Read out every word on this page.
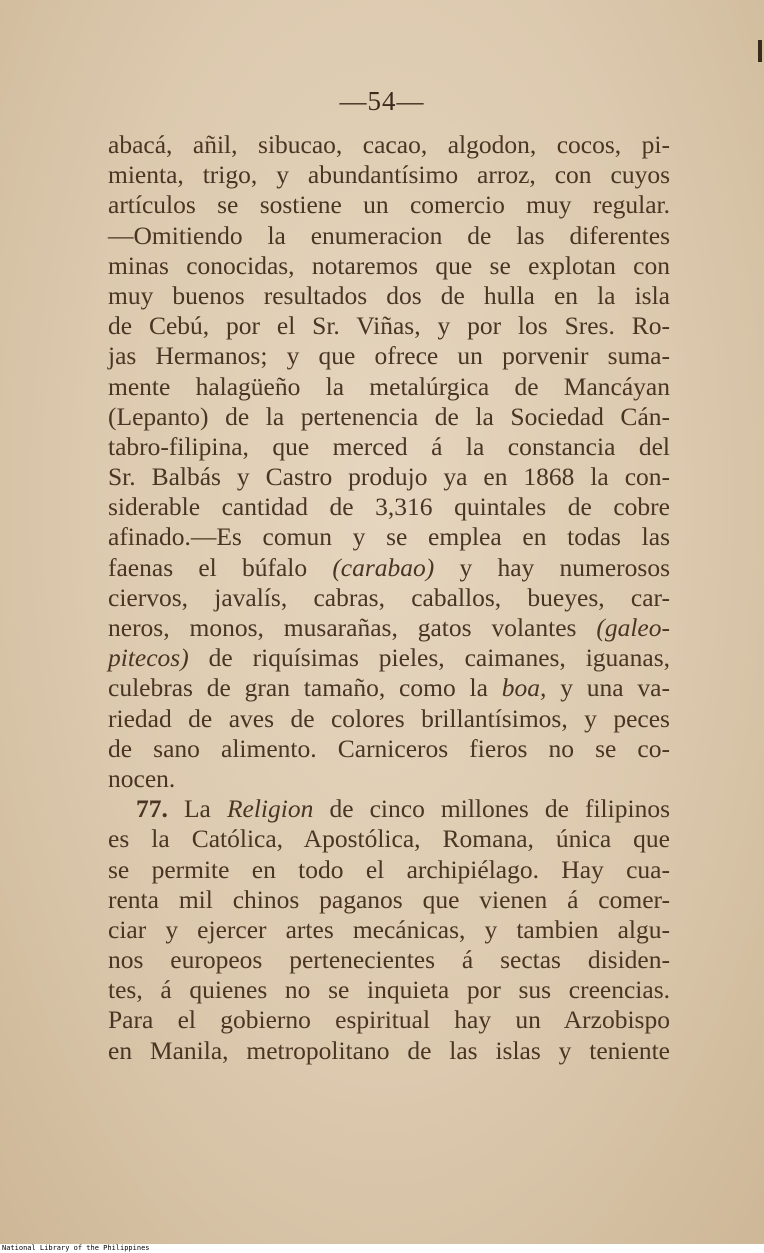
—54—
abacá, añil, sibucao, cacao, algodon, cocos, pi-
mienta, trigo, y abundantísimo arroz, con cuyos
artículos se sostiene un comercio muy regular.
—Omitiendo la enumeracion de las diferentes
minas conocidas, notaremos que se explotan con
muy buenos resultados dos de hulla en la isla
de Cebú, por el Sr. Viñas, y por los Sres. Ro-
jas Hermanos; y que ofrece un porvenir suma-
mente halagüeño la metalúrgica de Mancáyan
(Lepanto) de la pertenencia de la Sociedad Cán-
tabro-filipina, que merced á la constancia del
Sr. Balbás y Castro produjo ya en 1868 la con-
siderable cantidad de 3,316 quintales de cobre
afinado.—Es comun y se emplea en todas las
faenas el búfalo (carabao) y hay numerosos
ciervos, javalís, cabras, caballos, bueyes, car-
neros, monos, musarañas, gatos volantes (galeo-
pitecos) de riquísimas pieles, caimanes, iguanas,
culebras de gran tamaño, como la boa, y una va-
riedad de aves de colores brillantísimos, y peces
de sano alimento. Carniceros fieros no se co-
nocen.
77. La Religion de cinco millones de filipinos
es la Católica, Apostólica, Romana, única que
se permite en todo el archipiélago. Hay cua-
renta mil chinos paganos que vienen á comer-
ciar y ejercer artes mecánicas, y tambien algu-
nos europeos pertenecientes á sectas disiden-
tes, á quienes no se inquieta por sus creencias.
Para el gobierno espiritual hay un Arzobispo
en Manila, metropolitano de las islas y teniente
National Library of the Philippines
